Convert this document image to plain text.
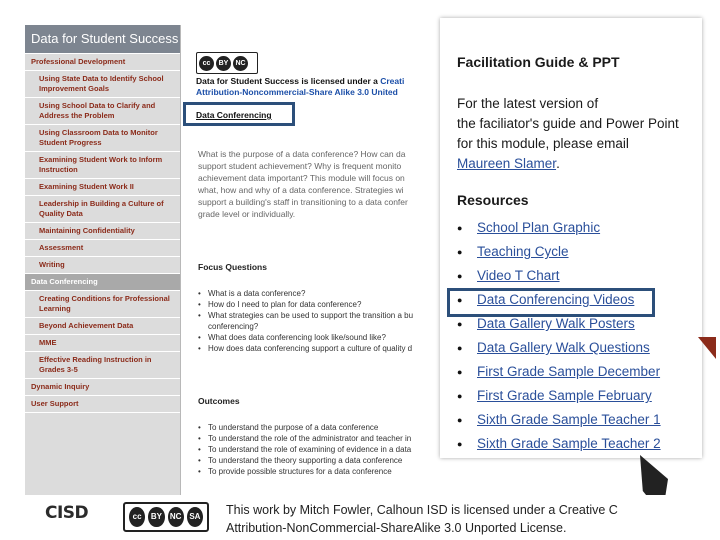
Data for Student Success
Professional Development
Using State Data to Identify School Improvement Goals
Using School Data to Clarify and Address the Problem
Using Classroom Data to Monitor Student Progress
Examining Student Work to Inform Instruction
Examining Student Work II
Leadership in Building a Culture of Quality Data
Maintaining Confidentiality
Assessment
Writing
Data Conferencing
Creating Conditions for Professional Learning
Beyond Achievement Data
MME
Effective Reading Instruction in Grades 3-5
Dynamic Inquiry
User Support
cc	BY	NC
Data for Student Success is licensed under a Creati
Attribution-Noncommercial-Share Alike 3.0 United
Data Conferencing
What is the purpose of a data conference? How can da
support student achievement? Why is frequent monito
achievement data important? This module will focus on
what, how and why of a data conference. Strategies wi
support a building's staff in transitioning to a data confer
grade level or individually.
Focus Questions
• What is a data conference?
• How do I need to plan for data conference?
• What strategies can be used to support the transition a bu
conferencing?
• What does data conferencing look like/sound like?
• How does data conferencing support a culture of quality d
Outcomes
• To understand the purpose of a data conference
• To understand the role of the administrator and teacher in
• To understand the role of examining of evidence in a data
• To understand the theory supporting a data conference
• To provide possible structures for a data conference
Facilitation Guide & PPT
For the latest version of
the faciliator's guide and Power Point
for this module, please email
Maureen Slamer.
Resources
● School Plan Graphic
● Teaching Cycle
● Video T Chart
● Data Conferencing Videos
● Data Gallery Walk Posters
● Data Gallery Walk Questions
● First Grade Sample December
● First Grade Sample February
● Sixth Grade Sample Teacher 1
● Sixth Grade Sample Teacher 2
CISD	cc	BY NC SA This work by Mitch Fowler, Calhoun ISD is licensed under a Creative C
Attribution-NonCommercial-ShareAlike 3.0 Unported License.
